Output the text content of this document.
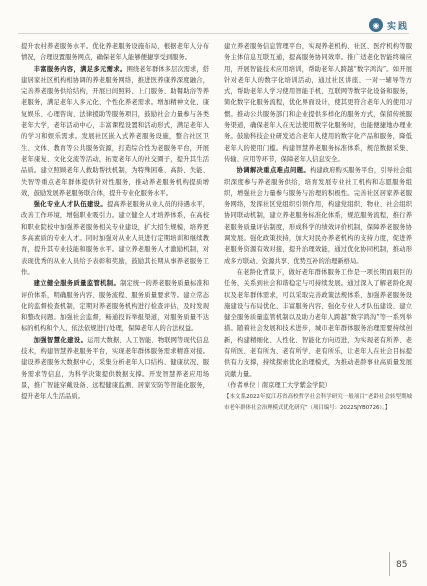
◉ 实践

提升农村养老服务水平。优化养老服务设施布局，根据老年人分布情况，合理设置服务网点，确保老年人能够便捷享受到服务。

丰富服务内容，满足多元需求。围绕老年群体多层次需求，搭建居家社区机构相协调的养老服务网络，推进医养康养深度融合，完善养老服务供给结构，开展日间照料、上门服务、助餐助浴等养老服务，满足老年人多元化、个性化养老需求。增加精神文化、康复娱乐、心理咨询、法律援助等服务项目，鼓励社会力量参与各类老年大学，老年活动中心，丰富课程设置和活动形式，满足老年人的学习和娱乐需求。发展社区嵌入式养老服务设施，整合社区卫生、文体、教育等公共服务资源，打造综合性为老服务平台，开展老年康复、文化交流等活动，拓宽老年人的社交圈子，提升其生活品质。建立照顾老年人救助帮扶机制，为特殊困难、高龄、失能、失智等重点老年群体提供针对性服务，推动养老服务机构提质增效，鼓励发展养老服务联合体，提升专业化服务水平。

强化专业人才队伍建设。提高养老服务从业人员的待遇水平，改善工作环境，增强职业吸引力。建立健全人才培养体系，在高校和职业院校中加强养老服务相关专业建设，扩大招生规模，培养更多高素质的专业人才。同时加强对从业人员进行定期培训和继续教育，提升其专业技能和服务水平。建立养老服务人才激励机制，对表现优秀的从业人员给予表彰和奖励，鼓励其长期从事养老服务工作。

建立健全服务质量监管机制。制定统一的养老服务质量标准和评价体系，明确服务内容、服务流程、服务质量要求等。建立常态化的监督检查机制，定期对养老服务机构进行检查评估，及时发现和整改问题。加强社会监督，畅通投诉举报渠道，对服务质量不达标的机构和个人，依法依规进行处理，保障老年人的合法权益。

加强智慧化建设。运用大数据、人工智能、物联网等现代信息技术，构建智慧养老服务平台，实现老年群体服务需求精准对接。建设养老服务大数据中心，采集分析老年人口结构、健康状况、服务需求等信息，为科学决策提供数据支撑。开发智慧养老应用场景，推广智能穿戴设备、远程健康监测、居家安防等智能化服务，提升老年人生活品质。

建立养老服务信息管理平台，实现养老机构、社区、医疗机构等服务主体信息互联互通，提高服务协同效率。推广适老化智能终端应用，开展智能技术应用培训，帮助老年人跨越“数字鸿沟”。如开展针对老年人的数字化培训活动，通过社区讲座、一对一辅导等方式，帮助老年人学习使用智能手机、互联网等数字化设备和服务，简化数字化服务流程，优化界面设计，使其更符合老年人的使用习惯。推动公共服务部门和企业提供多样化的服务方式，保留传统服务渠道，确保老年人在无法使用数字化服务时，也能便捷地办理业务。鼓励科技企业研发适合老年人使用的数字化产品和服务，降低老年人的使用门槛。构建智慧养老服务标准体系，规范数据采集、传输、应用等环节，保障老年人信息安全。

协调解决重点难点问题。构建政府购买服务平台，引导社会组织深度参与养老服务供给，培育发展专业社工机构和志愿服务组织，增强社会力量参与服务与治理的积极性。完善社区居家养老服务网络，发挥社区党组织引领作用，构建党组织、物业、社会组织协同联动机制，建立养老服务标准化体系，规范服务流程，推行养老服务质量评估制度，形成科学的绩效评价机制，保障养老服务协调发展。强化政策扶持，加大对民办养老机构的支持力度，促进养老服务资源有效对接，提升治理效能，通过优化协同机制，推动形成多方联动、资源共享、优势互补的治理新格局。

在老龄化背景下，做好老年群体服务工作是一项长期而艰巨的任务，关系到社会和谐稳定与可持续发展。通过深入了解老龄化现状及老年群体需求，可以采取完善政策法规体系、加强养老服务设施建设与布局优化、丰富服务内容、强化专业人才队伍建设、建立健全服务质量监管机制以及助力老年人跨越“数字鸿沟”等一系列举措。随着社会发展和技术进步，城市老年群体服务治理需要持续创新，构建精细化、人性化、智能化方向迈进，为实现老有所养、老有所医、老有所为、老有所学、老有所乐，让老年人在社会目标提供有力支撑，持续探索优化治理模式，为推动老龄事业高质量发展贡献力量。

（作者单位｜南京理工大学紫金学院）

【本文系2022年度江苏省高校哲学社会科学研究一般项目“老龄社会转型期城市老年群体社会治理模式优化研究”（项目编号：2022SJYB0726）。】

85
